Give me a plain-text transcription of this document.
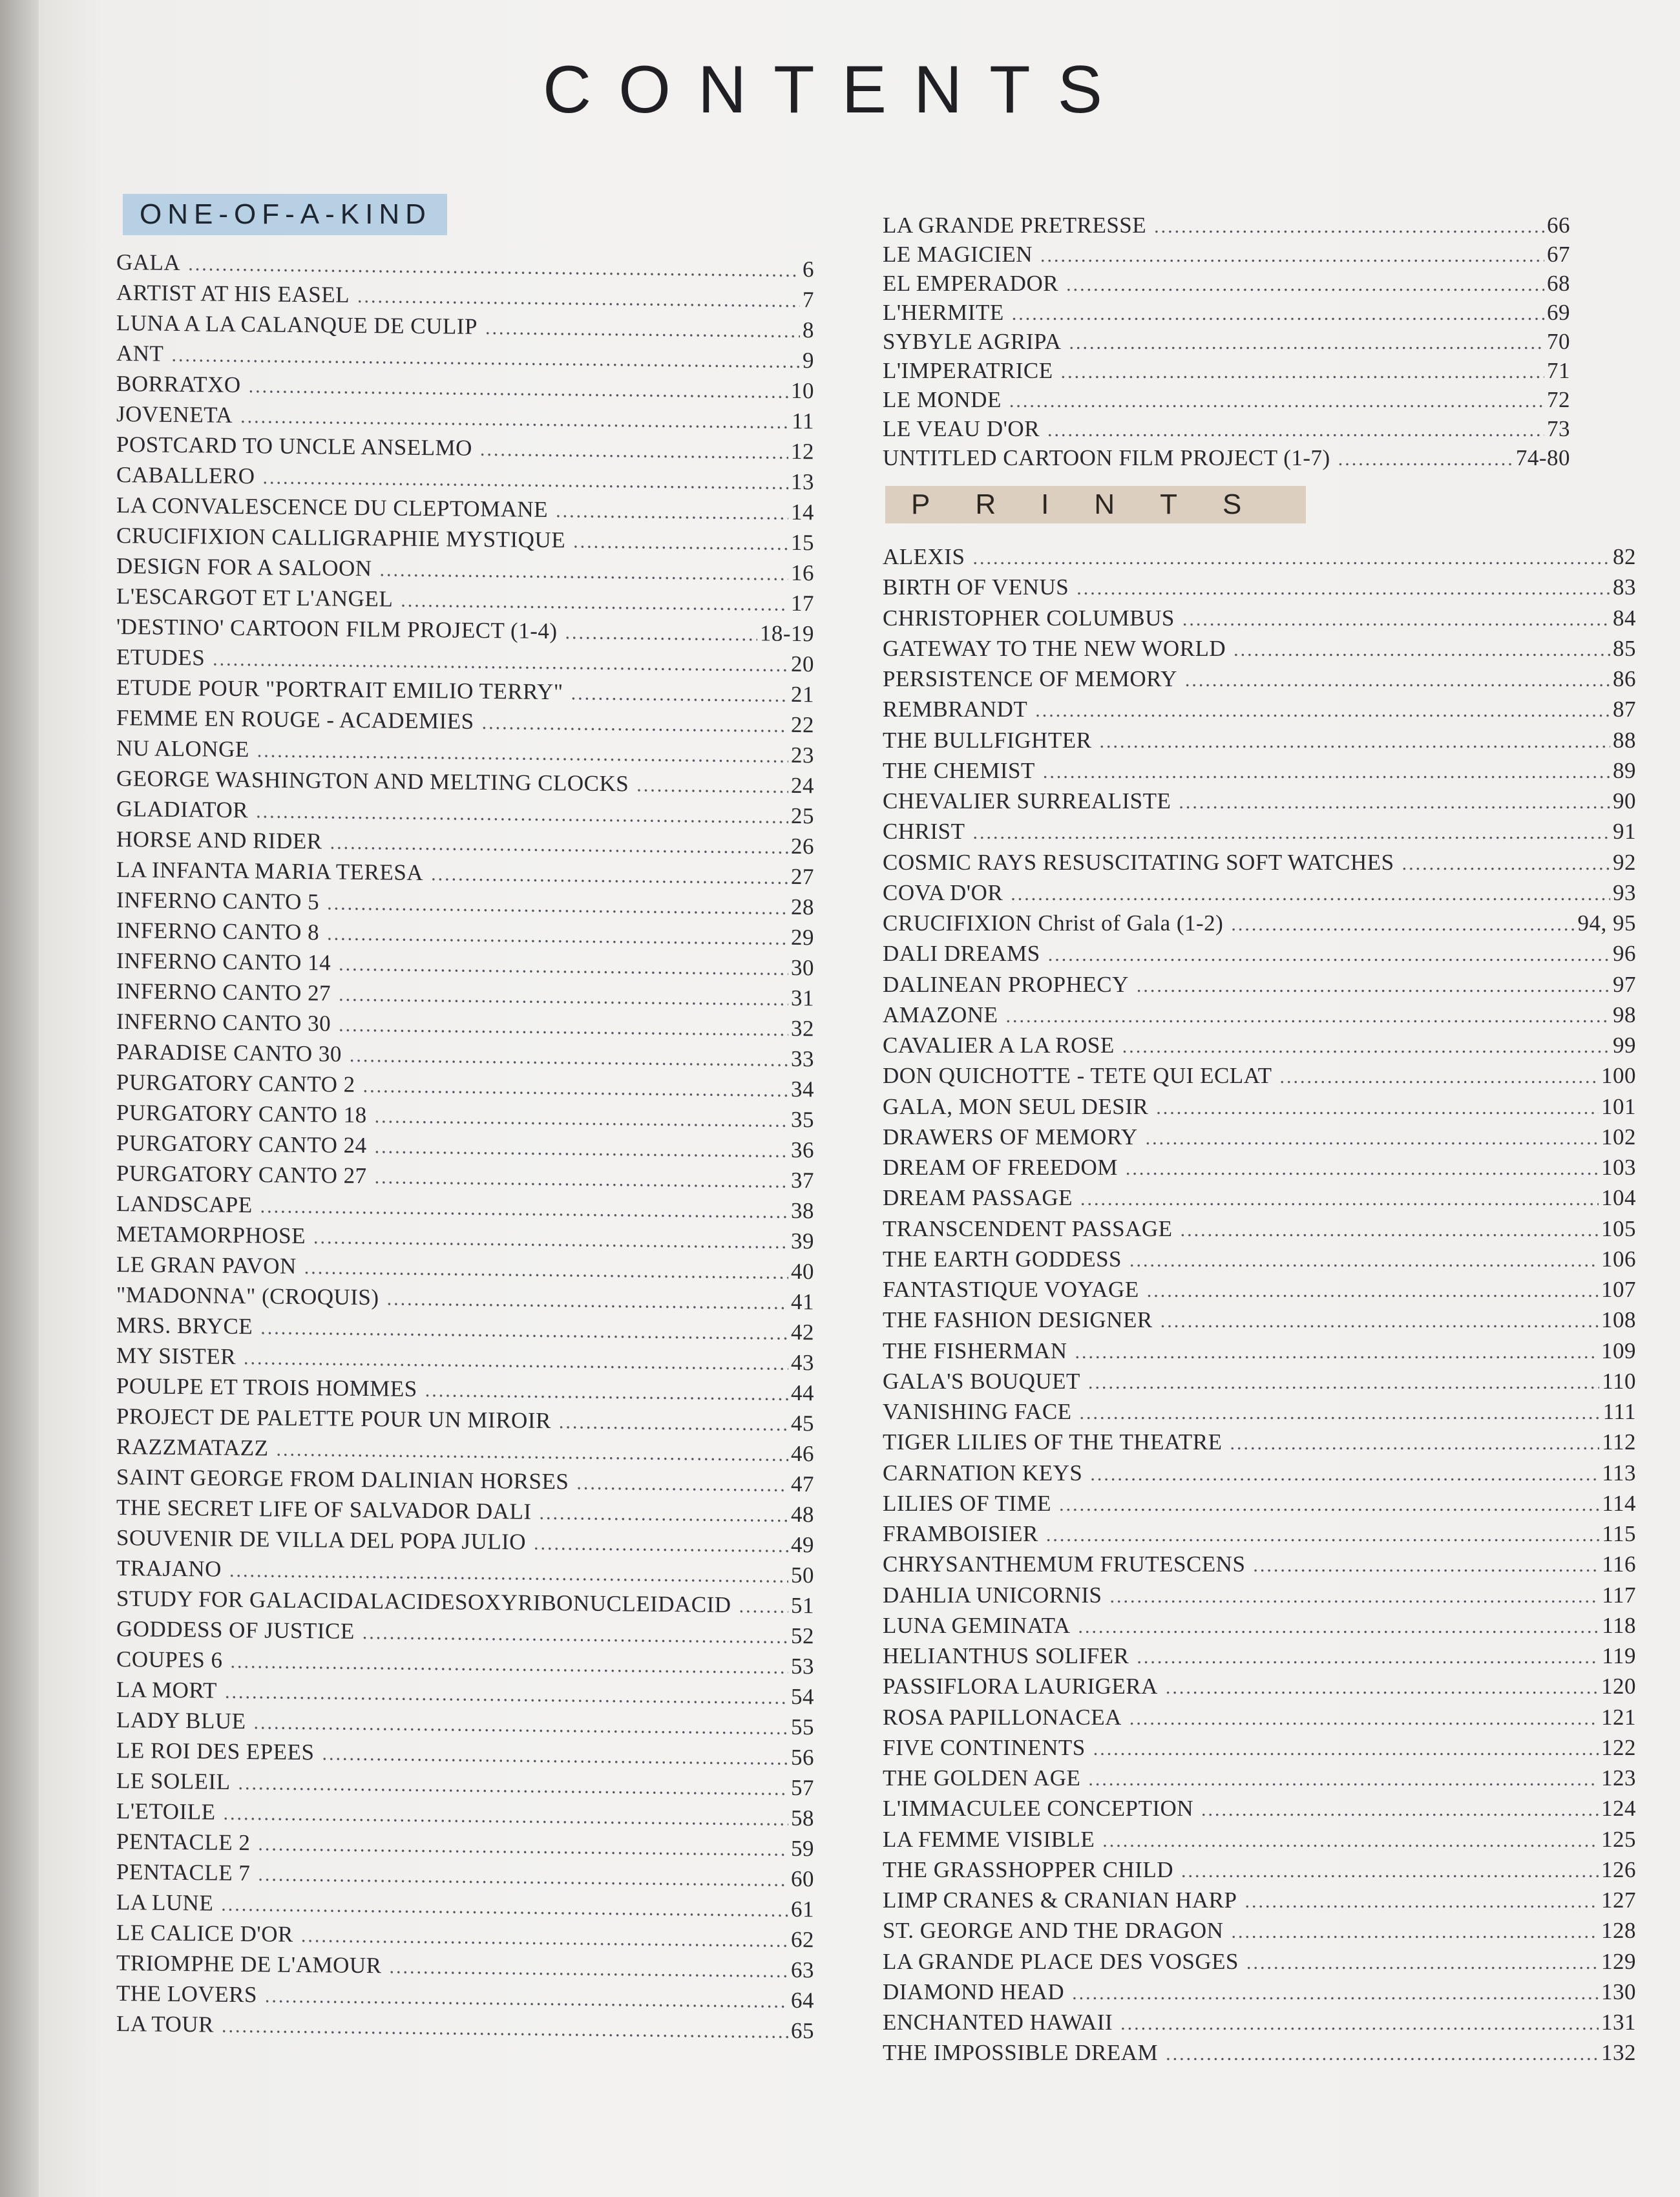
CONTENTS
ONE-OF-A-KIND
GALA .....	6
ARTIST AT HIS EASEL .....	7
LUNA A LA CALANQUE DE CULIP .....	8
ANT .....	9
BORRATXO .....	10
JOVENETA .....	11
POSTCARD TO UNCLE ANSELMO .....	12
CABALLERO .....	13
LA CONVALESCENCE DU CLEPTOMANE .....	14
CRUCIFIXION CALLIGRAPHIE MYSTIQUE .....	15
DESIGN FOR A SALOON .....	16
L'ESCARGOT ET L'ANGEL .....	17
'DESTINO' CARTOON FILM PROJECT (1-4) .....	18-19
ETUDES .....	20
ETUDE POUR "PORTRAIT EMILIO TERRY" .....	21
FEMME EN ROUGE - ACADEMIES .....	22
NU ALONGE .....	23
GEORGE WASHINGTON AND MELTING CLOCKS .....	24
GLADIATOR .....	25
HORSE AND RIDER .....	26
LA INFANTA MARIA TERESA .....	27
INFERNO CANTO 5 .....	28
INFERNO CANTO 8 .....	29
INFERNO CANTO 14 .....	30
INFERNO CANTO 27 .....	31
INFERNO CANTO 30 .....	32
PARADISE CANTO 30 .....	33
PURGATORY CANTO 2 .....	34
PURGATORY CANTO 18 .....	35
PURGATORY CANTO 24 .....	36
PURGATORY CANTO 27 .....	37
LANDSCAPE .....	38
METAMORPHOSE .....	39
LE GRAN PAVON .....	40
"MADONNA" (CROQUIS) .....	41
MRS. BRYCE .....	42
MY SISTER .....	43
POULPE ET TROIS HOMMES .....	44
PROJECT DE PALETTE POUR UN MIROIR .....	45
RAZZMATAZZ .....	46
SAINT GEORGE FROM DALINIAN HORSES .....	47
THE SECRET LIFE OF SALVADOR DALI .....	48
SOUVENIR DE VILLA DEL POPA JULIO .....	49
TRAJANO .....	50
STUDY FOR GALACIDALACIDESOXYRIBONUCLEIDACID .....	51
GODDESS OF JUSTICE .....	52
COUPES 6 .....	53
LA MORT .....	54
LADY BLUE .....	55
LE ROI DES EPEES .....	56
LE SOLEIL .....	57
L'ETOILE .....	58
PENTACLE 2 .....	59
PENTACLE 7 .....	60
LA LUNE .....	61
LE CALICE D'OR .....	62
TRIOMPHE DE L'AMOUR .....	63
THE LOVERS .....	64
LA TOUR .....	65
LA GRANDE PRETRESSE .....	66
LE MAGICIEN .....	67
EL EMPERADOR .....	68
L'HERMITE .....	69
SYBYLE AGRIPA .....	70
L'IMPERATRICE .....	71
LE MONDE .....	72
LE VEAU D'OR .....	73
UNTITLED CARTOON FILM PROJECT (1-7) .....	74-80
PRINTS
ALEXIS .....	82
BIRTH OF VENUS .....	83
CHRISTOPHER COLUMBUS .....	84
GATEWAY TO THE NEW WORLD .....	85
PERSISTENCE OF MEMORY .....	86
REMBRANDT .....	87
THE BULLFIGHTER .....	88
THE CHEMIST .....	89
CHEVALIER SURREALISTE .....	90
CHRIST .....	91
COSMIC RAYS RESUSCITATING SOFT WATCHES .....	92
COVA D'OR .....	93
CRUCIFIXION Christ of Gala (1-2) .....	94, 95
DALI DREAMS .....	96
DALINEAN PROPHECY .....	97
AMAZONE .....	98
CAVALIER A LA ROSE .....	99
DON QUICHOTTE - TETE QUI ECLAT .....	100
GALA, MON SEUL DESIR .....	101
DRAWERS OF MEMORY .....	102
DREAM OF FREEDOM .....	103
DREAM PASSAGE .....	104
TRANSCENDENT PASSAGE .....	105
THE EARTH GODDESS .....	106
FANTASTIQUE VOYAGE .....	107
THE FASHION DESIGNER .....	108
THE FISHERMAN .....	109
GALA'S BOUQUET .....	110
VANISHING FACE .....	111
TIGER LILIES OF THE THEATRE .....	112
CARNATION KEYS .....	113
LILIES OF TIME .....	114
FRAMBOISIER .....	115
CHRYSANTHEMUM FRUTESCENS .....	116
DAHLIA UNICORNIS .....	117
LUNA GEMINATA .....	118
HELIANTHUS SOLIFER .....	119
PASSIFLORA LAURIGERA .....	120
ROSA PAPILLONACEA .....	121
FIVE CONTINENTS .....	122
THE GOLDEN AGE .....	123
L'IMMACULEE CONCEPTION .....	124
LA FEMME VISIBLE .....	125
THE GRASSHOPPER CHILD .....	126
LIMP CRANES & CRANIAN HARP .....	127
ST. GEORGE AND THE DRAGON .....	128
LA GRANDE PLACE DES VOSGES .....	129
DIAMOND HEAD .....	130
ENCHANTED HAWAII .....	131
THE IMPOSSIBLE DREAM .....	132
